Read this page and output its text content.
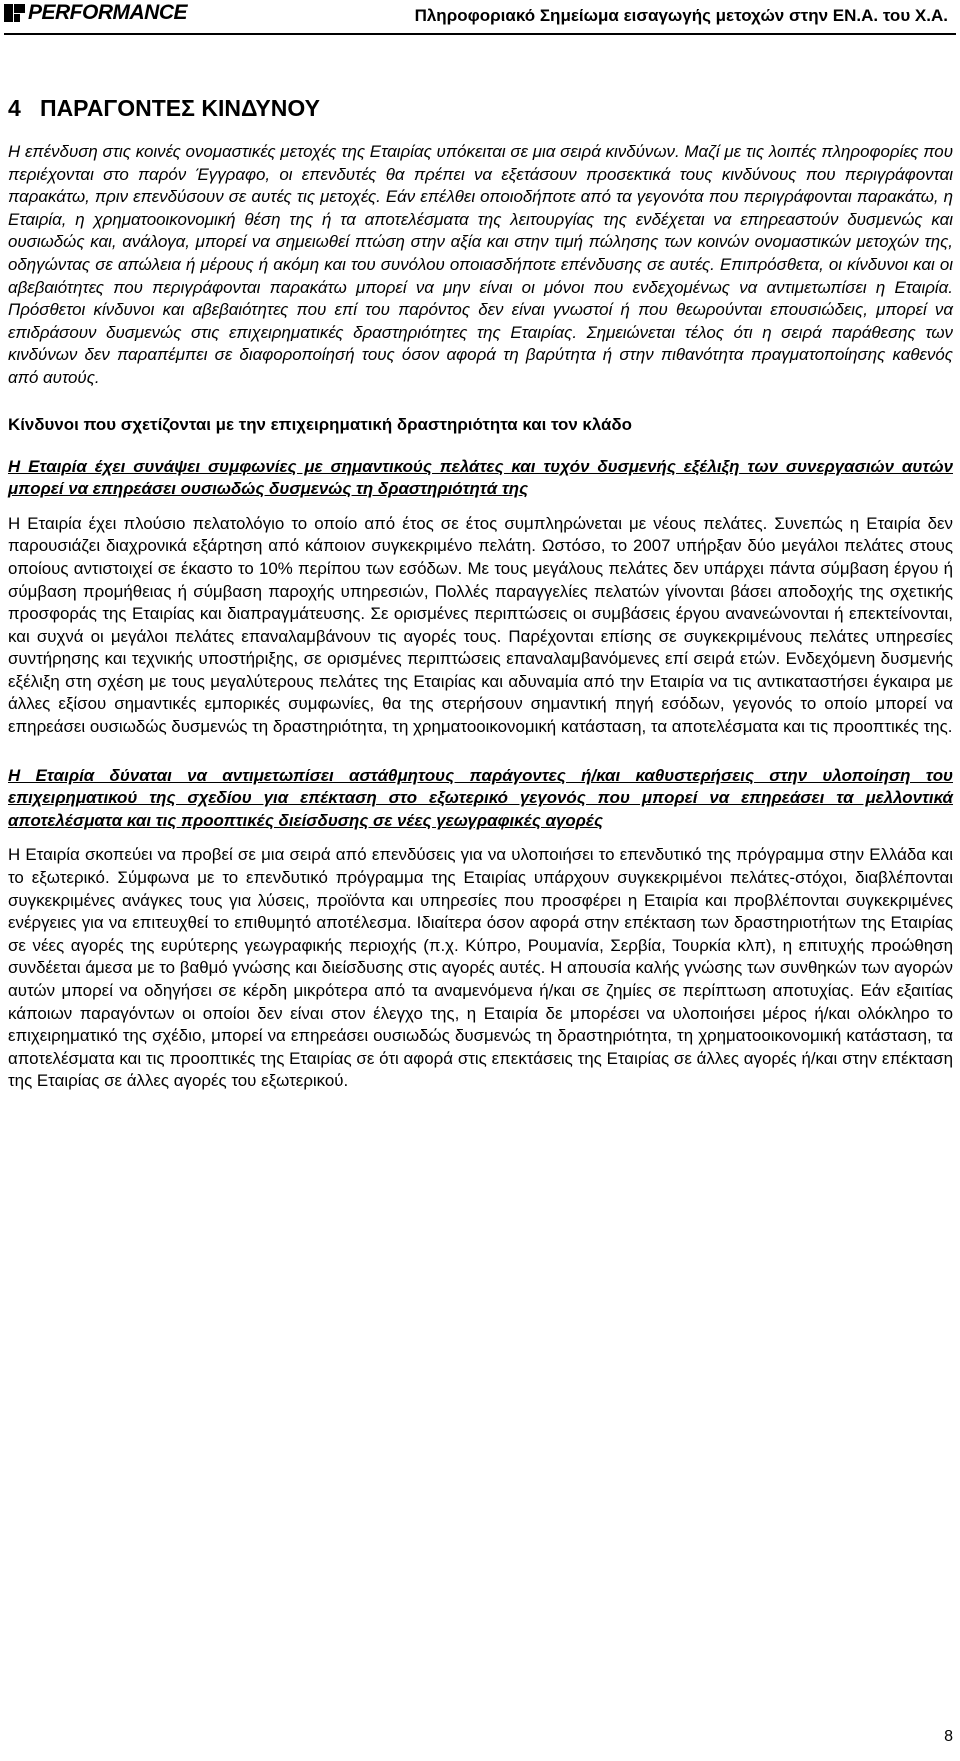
PERFORMANCE	Πληροφοριακό Σημείωμα εισαγωγής μετοχών στην ΕΝ.Α. του Χ.Α.
4   ΠΑΡΑΓΟΝΤΕΣ ΚΙΝΔΥΝΟΥ

Η επένδυση στις κοινές ονομαστικές μετοχές της Εταιρίας υπόκειται σε μια σειρά κινδύνων. Μαζί με τις λοιπές πληροφορίες που περιέχονται στο παρόν Έγγραφο, οι επενδυτές θα πρέπει να εξετάσουν προσεκτικά τους κινδύνους που περιγράφονται παρακάτω, πριν επενδύσουν σε αυτές τις μετοχές. Εάν επέλθει οποιοδήποτε από τα γεγονότα που περιγράφονται παρακάτω, η Εταιρία, η χρηματοοικονομική θέση της ή τα αποτελέσματα της λειτουργίας της ενδέχεται να επηρεαστούν δυσμενώς και ουσιωδώς και, ανάλογα, μπορεί να σημειωθεί πτώση στην αξία και στην τιμή πώλησης των κοινών ονομαστικών μετοχών της, οδηγώντας σε απώλεια ή μέρους ή ακόμη και του συνόλου οποιασδήποτε επένδυσης σε αυτές. Επιπρόσθετα, οι κίνδυνοι και οι αβεβαιότητες που περιγράφονται παρακάτω μπορεί να μην είναι οι μόνοι που ενδεχομένως να αντιμετωπίσει η Εταιρία. Πρόσθετοι κίνδυνοι και αβεβαιότητες που επί του παρόντος δεν είναι γνωστοί ή που θεωρούνται επουσιώδεις, μπορεί να επιδράσουν δυσμενώς στις επιχειρηματικές δραστηριότητες της Εταιρίας. Σημειώνεται τέλος ότι η σειρά παράθεσης των κινδύνων δεν παραπέμπει σε διαφοροποίησή τους όσον αφορά τη βαρύτητα ή στην πιθανότητα πραγματοποίησης καθενός από αυτούς.

Κίνδυνοι που σχετίζονται με την επιχειρηματική δραστηριότητα και τον κλάδο
Η Εταιρία έχει συνάψει συμφωνίες με σημαντικούς πελάτες και τυχόν δυσμενής εξέλιξη των συνεργασιών αυτών μπορεί να επηρεάσει ουσιωδώς δυσμενώς τη δραστηριότητά της

Η Εταιρία έχει πλούσιο πελατολόγιο το οποίο από έτος σε έτος συμπληρώνεται με νέους πελάτες. Συνεπώς η Εταιρία δεν παρουσιάζει διαχρονικά εξάρτηση από κάποιον συγκεκριμένο πελάτη. Ωστόσο, το 2007 υπήρξαν δύο μεγάλοι πελάτες στους οποίους αντιστοιχεί σε έκαστο το 10% περίπου των εσόδων. Με τους μεγάλους πελάτες δεν υπάρχει πάντα σύμβαση έργου ή σύμβαση προμήθειας ή σύμβαση παροχής υπηρεσιών, Πολλές παραγγελίες πελατών γίνονται βάσει αποδοχής της σχετικής προσφοράς της Εταιρίας και διαπραγμάτευσης. Σε ορισμένες περιπτώσεις οι συμβάσεις έργου ανανεώνονται ή επεκτείνονται, και συχνά οι μεγάλοι πελάτες επαναλαμβάνουν τις αγορές τους. Παρέχονται επίσης σε συγκεκριμένους πελάτες υπηρεσίες συντήρησης και τεχνικής υποστήριξης, σε ορισμένες περιπτώσεις επαναλαμβανόμενες επί σειρά ετών. Ενδεχόμενη δυσμενής εξέλιξη στη σχέση με τους μεγαλύτερους πελάτες της Εταιρίας και αδυναμία από την Εταιρία να τις αντικαταστήσει έγκαιρα με άλλες εξίσου σημαντικές εμπορικές συμφωνίες, θα της στερήσουν σημαντική πηγή εσόδων, γεγονός το οποίο μπορεί να επηρεάσει ουσιωδώς δυσμενώς τη δραστηριότητα, τη χρηματοοικονομική κατάσταση, τα αποτελέσματα και τις προοπτικές της.

Η Εταιρία δύναται να αντιμετωπίσει αστάθμητους παράγοντες ή/και καθυστερήσεις στην υλοποίηση του επιχειρηματικού της σχεδίου για επέκταση στο εξωτερικό γεγονός που μπορεί να επηρεάσει τα μελλοντικά αποτελέσματα και τις προοπτικές διείσδυσης σε νέες γεωγραφικές αγορές

Η Εταιρία σκοπεύει να προβεί σε μια σειρά από επενδύσεις για να υλοποιήσει το επενδυτικό της πρόγραμμα στην Ελλάδα και το εξωτερικό. Σύμφωνα με το επενδυτικό πρόγραμμα της Εταιρίας υπάρχουν συγκεκριμένοι πελάτες-στόχοι, διαβλέπονται συγκεκριμένες ανάγκες τους για λύσεις, προϊόντα και υπηρεσίες που προσφέρει η Εταιρία και προβλέπονται συγκεκριμένες ενέργειες για να επιτευχθεί το επιθυμητό αποτέλεσμα. Ιδιαίτερα όσον αφορά στην επέκταση των δραστηριοτήτων της Εταιρίας σε νέες αγορές της ευρύτερης γεωγραφικής περιοχής (π.χ. Κύπρο, Ρουμανία, Σερβία, Τουρκία κλπ), η επιτυχής προώθηση συνδέεται άμεσα με το βαθμό γνώσης και διείσδυσης στις αγορές αυτές. Η απουσία καλής γνώσης των συνθηκών των αγορών αυτών μπορεί να οδηγήσει σε κέρδη μικρότερα από τα αναμενόμενα ή/και σε ζημίες σε περίπτωση αποτυχίας. Εάν εξαιτίας κάποιων παραγόντων οι οποίοι δεν είναι στον έλεγχο της, η Εταιρία δε μπορέσει να υλοποιήσει μέρος ή/και ολόκληρο το επιχειρηματικό της σχέδιο, μπορεί να επηρεάσει ουσιωδώς δυσμενώς τη δραστηριότητα, τη χρηματοοικονομική κατάσταση, τα αποτελέσματα και τις προοπτικές της Εταιρίας σε ότι αφορά στις επεκτάσεις της Εταιρίας σε άλλες αγορές ή/και στην επέκταση της Εταιρίας σε άλλες αγορές του εξωτερικού.

8
